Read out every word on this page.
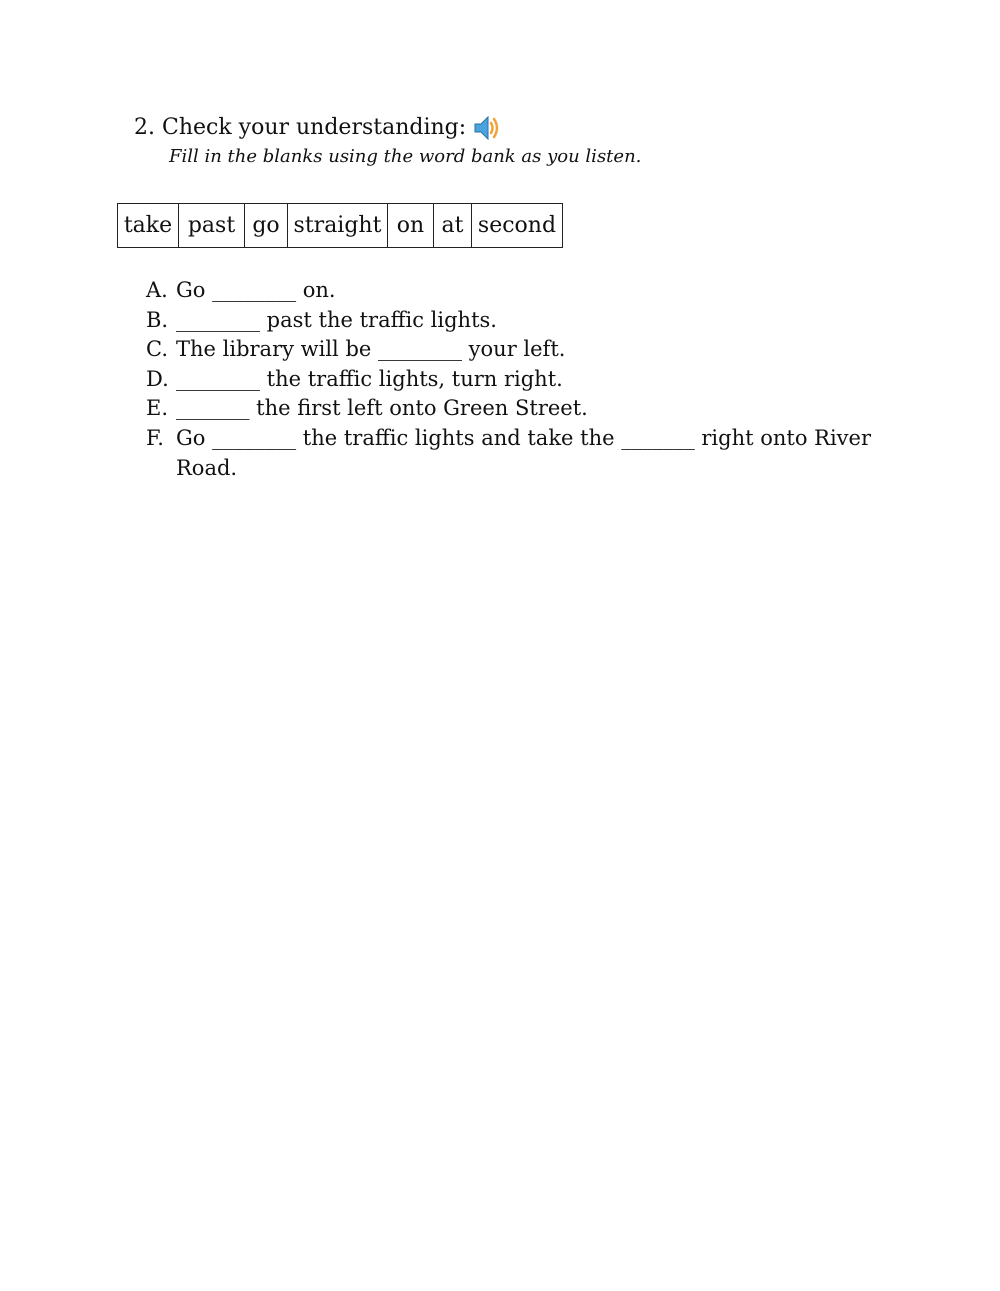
2. Check your understanding:
Fill in the blanks using the word bank as you listen.
take	past	go	straight	on	at	second
A. Go ________ on.
B. ________ past the traffic lights.
C. The library will be ________ your left.
D. ________ the traffic lights, turn right.
E. _______ the first left onto Green Street.
F. Go ________ the traffic lights and take the _______ right onto River Road.
